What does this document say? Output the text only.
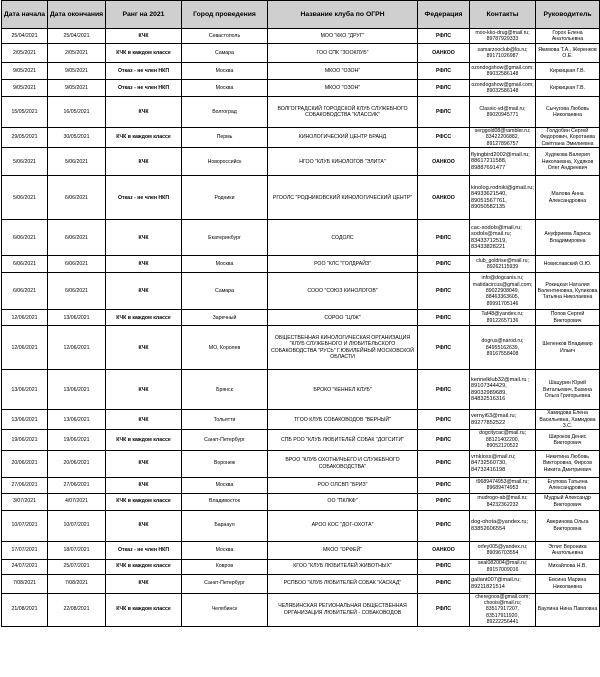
Дата начала	Дата окончания	Ранг на 2021	Город проведения	Название клуба по ОГРН	Федерация	Контакты	Руководитель
25/04/2021	25/04/2021	КЧК	Севастополь	МОО "ККО "ДРУГ"	РФЛС	moo-kko-drug@mail.ru; 89787929333	Горох Елена Анатольевна
2/05/2021	2/05/2021	КЧК в каждом классе	Самара	ГОО СПК "ЗООКЛУБ"	ОАНКОО	samarzooclub@lis.ru; 89171026987	Якимова Т.А., Жеренков О.Е.
9/05/2021	9/05/2021	Отказ - не член НКП	Москва	МКОО "ОЗОН"	РФЛС	ozondogshow@gmail.com; 89032586148	Киркицкая Г.В.
9/05/2021	9/05/2021	Отказ - не член НКП	Москва	МКОО "ОЗОН"	РФЛС	ozondogshow@gmail.com; 89032586148	Киркицкая Г.В.
15/05/2021	16/05/2021	КЧК	Волгоград	ВОЛГОГРАДСКИЙ ГОРОДСКОЙ КЛУБ СЛУЖЕБНОГО СОБАКОВОДСТВА "КЛАССИК"	РФЛС	Classic-vd@mail.ru; 89020945771	Сычугова Любовь Николаевна
29/05/2021	30/05/2021	КЧК в каждом классе	Пермь	КИНОЛОГИЧЕСКИЙ ЦЕНТР БРАНД	РФСС	serggold08@rambler.ru; 83422206882, 89127896757	Голдобин Сергей Федорович, Коротаева Светлана Эмилиевна
5/06/2021	5/06/2021	КЧК	Новороссийск	НГОО "КЛУБ КИНОЛОГОВ "ЭЛИТА"	ОАНКОО	flyingbird2002@mail.ru; 88617211588, 89887691477	Худякова Валерия Николаевна, Худяков Олег Андреевич
5/06/2021	6/06/2021	Отказ - не член НКП	Родники	РГООЛС "РОДНИКОВСКИЙ КИНОЛОГИЧЕСКИЙ ЦЕНТР"	ОАНКОО	kinolog.rodniki@gmail.ru; 84933621540, 89051567761, 89050582135	Малова Анна Александровна
6/06/2021	6/06/2021	КЧК	Екатеринбург	СОДОЛС	РФЛС	cac-sodols@mail.ru; sodols@mail.ru; 83433712519, 83433828221	Ануфриева Лариса Владимировна
6/06/2021	6/06/2021	КЧК	Москва	РОО "КЛС "ГОЛДРАЙЗ"	РФЛС	club_goldrise@mail.ru; 89262115939	Новиславский О.Ю.
6/06/2021	6/06/2021	КЧК	Самара	СООО "СОЮЗ КИНОЛОГОВ"	РФЛС	info@dogcanis.ru; matidacircus@gmail.com; 89022908049, 88463363605, 89991705146	Рокицкая Наталия Валентиновна, Куликова Татьяна Николаевна
12/06/2021	13/06/2021	КЧК в каждом классе	Заречный	СОРОО "ЦЛЖ"	РФЛС	Taf48@yandex.ru; 89122657136	Попов Сергей Викторович
12/06/2021	12/06/2021	КЧК	МО, Королев	ОБЩЕСТВЕННАЯ КИНОЛОГИЧЕСКАЯ ОРГАНИЗАЦИЯ "КЛУБ СЛУЖЕБНОГО И ЛЮБИТЕЛЬСКОГО СОБАКОВОДСТВА "РУСЬ" Г.ЮБИЛЕЙНЫЙ МОСКОВСКОЙ ОБЛАСТИ	РФЛС	dogrus@narod.ru; 84955162639, 89167558408	Шеленков Владимир Ильич
13/06/2021	13/06/2021	КЧК	Брянск	БРОКО "КЕННЕЛ КЛУБ"	РФЛС	kennelklub32@mail.ru ; 89107344429, 89032989689, 84832516316	Шацурин Юрий Витальевич, Бахина Ольга Григорьевна
13/06/2021	13/06/2021	КЧК	Тольятти	ТГОО КЛУБ СОБАКОВОДОВ "ВЕРНЫЙ"	РФЛС	vernyi63@mail.ru; 89277852522	Хамидова Елена Васильевна, Хамидова З.С.
19/06/2021	19/06/2021	КЧК в каждом классе	Санкт-Петербург	СПБ РОО "КЛУБ ЛЮБИТЕЛЕЙ СОБАК "ДОГСИТИ"	РФЛС	dogcitycac@mail.ru; 88121402200, 89052120522	Широков Денис Викторович
20/06/2021	20/06/2021	КЧК	Воронеж	ВРОО "КЛУБ ОХОТНИЧЬЕГО И СЛУЖЕБНОГО СОБАКОВОДСТВА"	РФЛС	vrnkioss@mail.ru; 84732560730, 84732416198	Никитина Любовь Викторовна, Фирсов Никита Дмитриевич
27/06/2021	27/06/2021	КЧК	Москва	РОО ОЛСВП "БРИЗ"	РФЛС	t9689474953@mail.ru; 89689474953	Егупова Татьяна Александровна
3/07/2021	4/07/2021	КЧК в каждом классе	Владивосток	ОО "ПКЛКФ"	РФЛС	mudrogo-ab@mail.ru; 84232362232	Мудрый Александр Викторович
10/07/2021	10/07/2021	КЧК	Барнаул	АРОО КОС "ДОГ-ОХОТА"	РФЛС	dog-ohota@yandex.ru; 83852606554	Аверинова Ольга Викторовна
17/07/2021	18/07/2021	Отказ - не член НКП	Москва	МКОО "ОРФЕЙ"	ОАНКОО	orfey005@yandex.ru; 89096703554	Эглит Вероника Анатольевна
24/07/2021	25/07/2021	КЧК в каждом классе	Ковров	КГОО "КЛУБ ЛЮБИТЕЛЕЙ ЖИВОТНЫХ"	РФЛС	seal082004@mail.ru; 89157009016	Михайлова Н.В.
7/08/2021	7/08/2021	КЧК	Санкт-Петербург	РСПБОО "КЛУБ ЛЮБИТЕЛЕЙ СОБАК "КАСКАД"	РФЛС	gallant007@mail.ru; 89211821514	Евсина Марина Николаевна
21/08/2021	22/08/2021	КЧК в каждом классе	Челябинск	ЧЕЛЯБИНСКАЯ РЕГИОНАЛЬНАЯ ОБЩЕСТВЕННАЯ ОРГАНИЗАЦИЯ ЛЮБИТЕЛЕЙ - СОБАКОВОДОВ	РФЛС	cheregoos@gmail.com; choois@mail.ru; 83517917207, 83517911920, 89222256441	Ваулина Нина Павловна
